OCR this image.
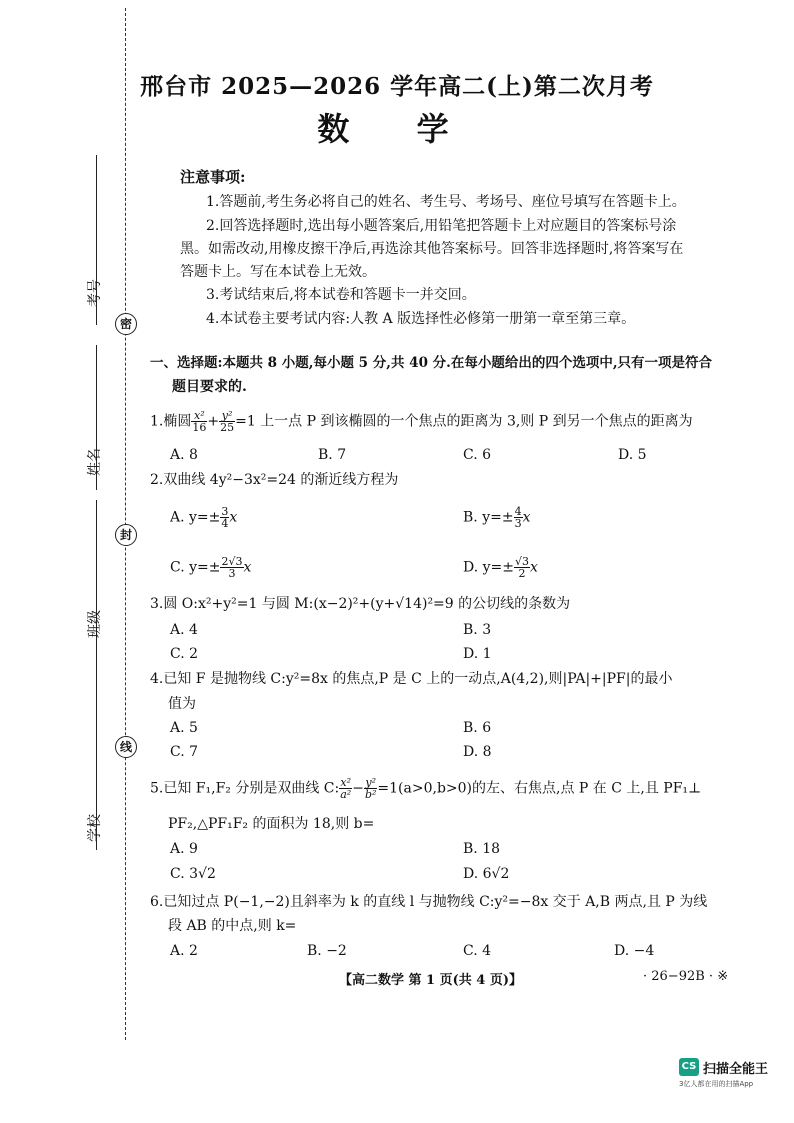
考号
密
姓名
封
班级
线
学校
邢台市 2025—2026 学年高二(上)第二次月考
数 学
注意事项:
1.答题前,考生务必将自己的姓名、考生号、考场号、座位号填写在答题卡上。
2.回答选择题时,选出每小题答案后,用铅笔把答题卡上对应题目的答案标号涂
黑。如需改动,用橡皮擦干净后,再选涂其他答案标号。回答非选择题时,将答案写在
答题卡上。写在本试卷上无效。
3.考试结束后,将本试卷和答题卡一并交回。
4.本试卷主要考试内容:人教 A 版选择性必修第一册第一章至第三章。
一、选择题:本题共 8 小题,每小题 5 分,共 40 分.在每小题给出的四个选项中,只有一项是符合
题目要求的.
1.椭圆 $\frac{\text{x²}}{16} + \frac{\text{y²}}{25} =1$ 上一点 P 到该椭圆的一个焦点的距离为 3,则 P 到另一个焦点的距离为
A. 8	B. 7	C. 6	D. 5
2.双曲线 4y²−3x²=24 的渐近线方程为
A. $y=\pm \frac{3}{4}$ x	B. $y=\pm \frac{4}{3}$ x
C. $y=\pm \frac{2√3}{3}$ x	D. $y=\pm \frac{√3}{2}$ x
3.圆 O:x²+y²=1 与圆 M:(x−2)²+(y+√14)²=9 的公切线的条数为
A. 4	B. 3
C. 2	D. 1
4.已知 F 是抛物线 C:y²=8x 的焦点,P 是 C 上的一动点,A(4,2),则|PA|+|PF|的最小
值为
A. 5	B. 6
C. 7	D. 8
5.已知 F₁,F₂ 分别是双曲线 C: $\frac{\text{x²}}{\text{a²}} - \frac{\text{y²}}{\text{b²}} =1(a>0,b>0)$的左、右焦点,点 P 在 C 上,且 PF₁⊥
PF₂,△PF₁F₂ 的面积为 18,则 b=
A. 9	B. 18
C. 3√2	D. 6√2
6.已知过点 P(−1,−2)且斜率为 k 的直线 l 与抛物线 C:y²=−8x 交于 A,B 两点,且 P 为线
段 AB 的中点,则 k=
A. 2	B. −2	C. 4	D. −4
【高二数学 第 1 页(共 4 页)】	· 26−92B · ※
CS 扫描全能王
3亿人都在用的扫描App
